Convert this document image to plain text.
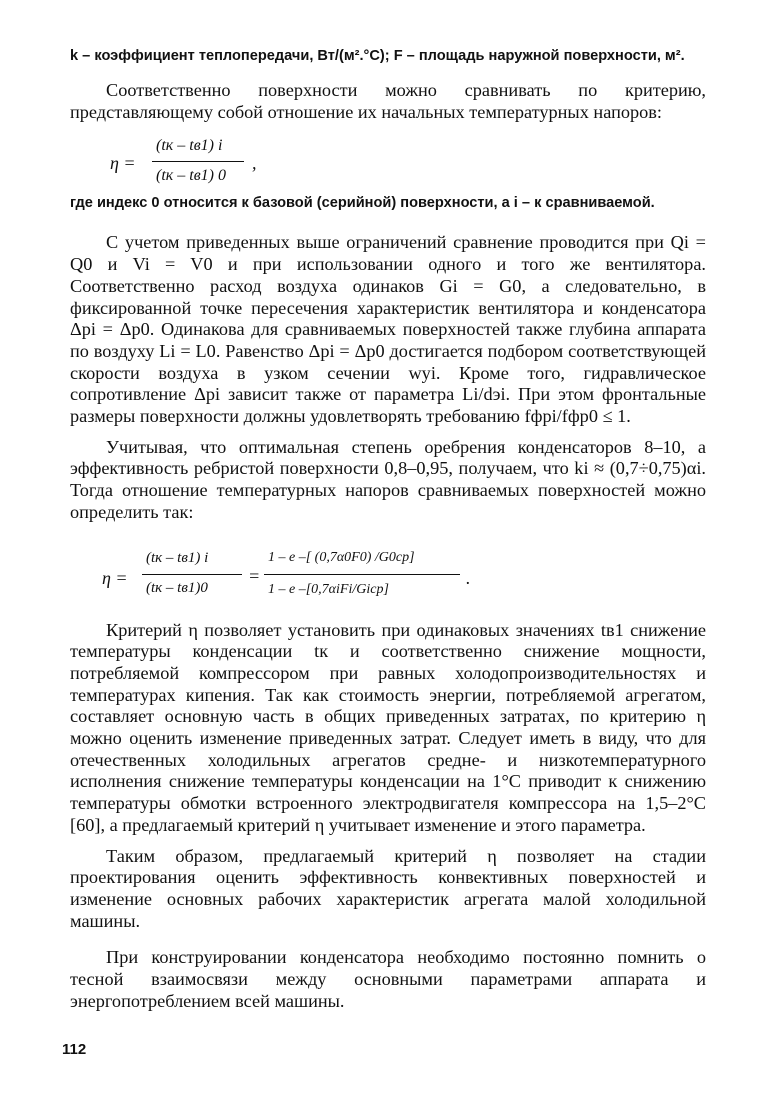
k – коэффициент теплопередачи, Вт/(м².°С); F – площадь наружной поверхности, м².

Соответственно поверхности можно сравнивать по критерию, представляющему собой отношение их начальных температурных напоров:

η =
(tк – tв1) i
(tк – tв1) 0
,

где индекс 0 относится к базовой (серийной) поверхности, а i – к сравниваемой.

С учетом приведенных выше ограничений сравнение проводится при Qi = Q0 и Vi = V0 и при использовании одного и того же вентилятора. Соответственно расход воздуха одинаков Gi = G0, а следовательно, в фиксированной точке пересечения характеристик вентилятора и конденсатора Δpi = Δp0. Одинакова для сравниваемых поверхностей также глубина аппарата по воздуху Li = L0. Равенство Δpi = Δp0 достигается подбором соответствующей скорости воздуха в узком сечении wyi. Кроме того, гидравлическое сопротивление Δpi зависит также от параметра Li/dэi. При этом фронтальные размеры поверхности должны удовлетворять требованию fфрi/fфр0 ≤ 1.

Учитывая, что оптимальная степень оребрения конденсаторов 8–10, а эффективность ребристой поверхности 0,8–0,95, получаем, что ki ≈ (0,7÷0,75)αi. Тогда отношение температурных напоров сравниваемых поверхностей можно определить так:

η =
(tк – tв1) i
(tк – tв1)0
=
1 – e –[ (0,7α0F0) /G0cp]
1 – e –[0,7αiFi/Gicp]
.

Критерий η позволяет установить при одинаковых значениях tв1 снижение температуры конденсации tк и соответственно снижение мощности, потребляемой компрессором при равных холодопроизводительностях и температурах кипения. Так как стоимость энергии, потребляемой агрегатом, составляет основную часть в общих приведенных затратах, по критерию η можно оценить изменение приведенных затрат. Следует иметь в виду, что для отечественных холодильных агрегатов средне- и низкотемпературного исполнения снижение температуры конденсации на 1°С приводит к снижению температуры обмотки встроенного электродвигателя компрессора на 1,5–2°С [60], а предлагаемый критерий η учитывает изменение и этого параметра.

Таким образом, предлагаемый критерий η позволяет на стадии проектирования оценить эффективность конвективных поверхностей и изменение основных рабочих характеристик агрегата малой холодильной машины.

При конструировании конденсатора необходимо постоянно помнить о тесной взаимосвязи между основными параметрами аппарата и энергопотреблением всей машины.

112
